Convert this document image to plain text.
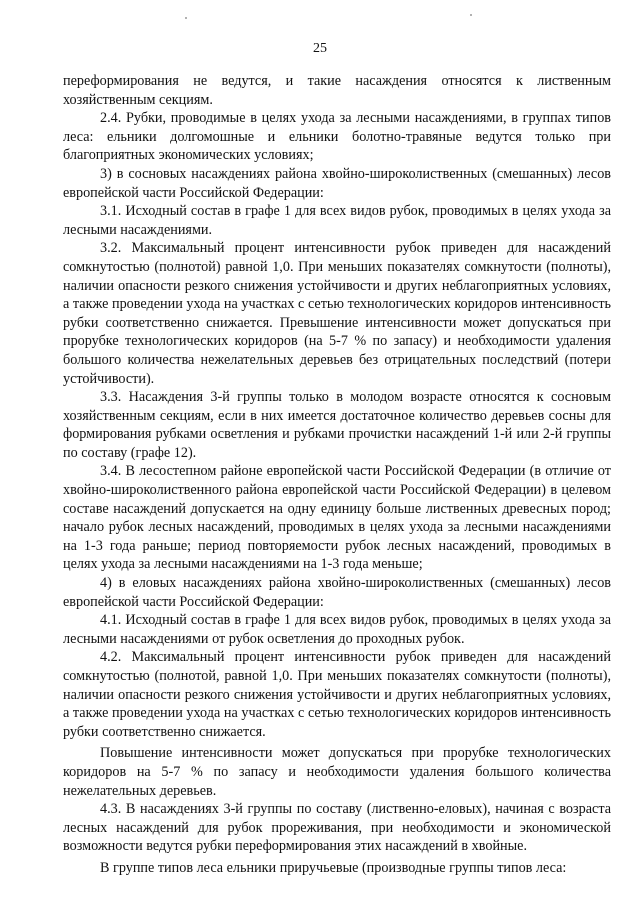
25

переформирования не ведутся, и такие насаждения относятся к лиственным хозяйственным секциям.

2.4. Рубки, проводимые в целях ухода за лесными насаждениями, в группах типов леса: ельники долгомошные и ельники болотно-травяные ведутся только при благоприятных экономических условиях;

3) в сосновых насаждениях района хвойно-широколиственных (смешанных) лесов европейской части Российской Федерации:

3.1. Исходный состав в графе 1 для всех видов рубок, проводимых в целях ухода за лесными насаждениями.

3.2. Максимальный процент интенсивности рубок приведен для насаждений сомкнутостью (полнотой) равной 1,0. При меньших показателях сомкнутости (полноты), наличии опасности резкого снижения устойчивости и других неблагоприятных условиях, а также проведении ухода на участках с сетью технологических коридоров интенсивность рубки соответственно снижается. Превышение интенсивности может допускаться при прорубке технологических коридоров (на 5-7 % по запасу) и необходимости удаления большого количества нежелательных деревьев без отрицательных последствий (потери устойчивости).

3.3. Насаждения 3-й группы только в молодом возрасте относятся к сосновым хозяйственным секциям, если в них имеется достаточное количество деревьев сосны для формирования рубками осветления и рубками прочистки насаждений 1-й или 2-й группы по составу (графе 12).

3.4. В лесостепном районе европейской части Российской Федерации (в отличие от хвойно-широколиственного района европейской части Российской Федерации) в целевом составе насаждений допускается на одну единицу больше лиственных древесных пород; начало рубок лесных насаждений, проводимых в целях ухода за лесными насаждениями на 1-3 года раньше; период повторяемости рубок лесных насаждений, проводимых в целях ухода за лесными насаждениями на 1-3 года меньше;

4) в еловых насаждениях района хвойно-широколиственных (смешанных) лесов европейской части Российской Федерации:

4.1. Исходный состав в графе 1 для всех видов рубок, проводимых в целях ухода за лесными насаждениями от рубок осветления до проходных рубок.

4.2. Максимальный процент интенсивности рубок приведен для насаждений сомкнутостью (полнотой, равной 1,0. При меньших показателях сомкнутости (полноты), наличии опасности резкого снижения устойчивости и других неблагоприятных условиях, а также проведении ухода на участках с сетью технологических коридоров интенсивность рубки соответственно снижается.

Повышение интенсивности может допускаться при прорубке технологических коридоров на 5-7 % по запасу и необходимости удаления большого количества нежелательных деревьев.

4.3. В насаждениях 3-й группы по составу (лиственно-еловых), начиная с возраста лесных насаждений для рубок прореживания, при необходимости и экономической возможности ведутся рубки переформирования этих насаждений в хвойные.

В группе типов леса ельники приручьевые (производные группы типов леса:
